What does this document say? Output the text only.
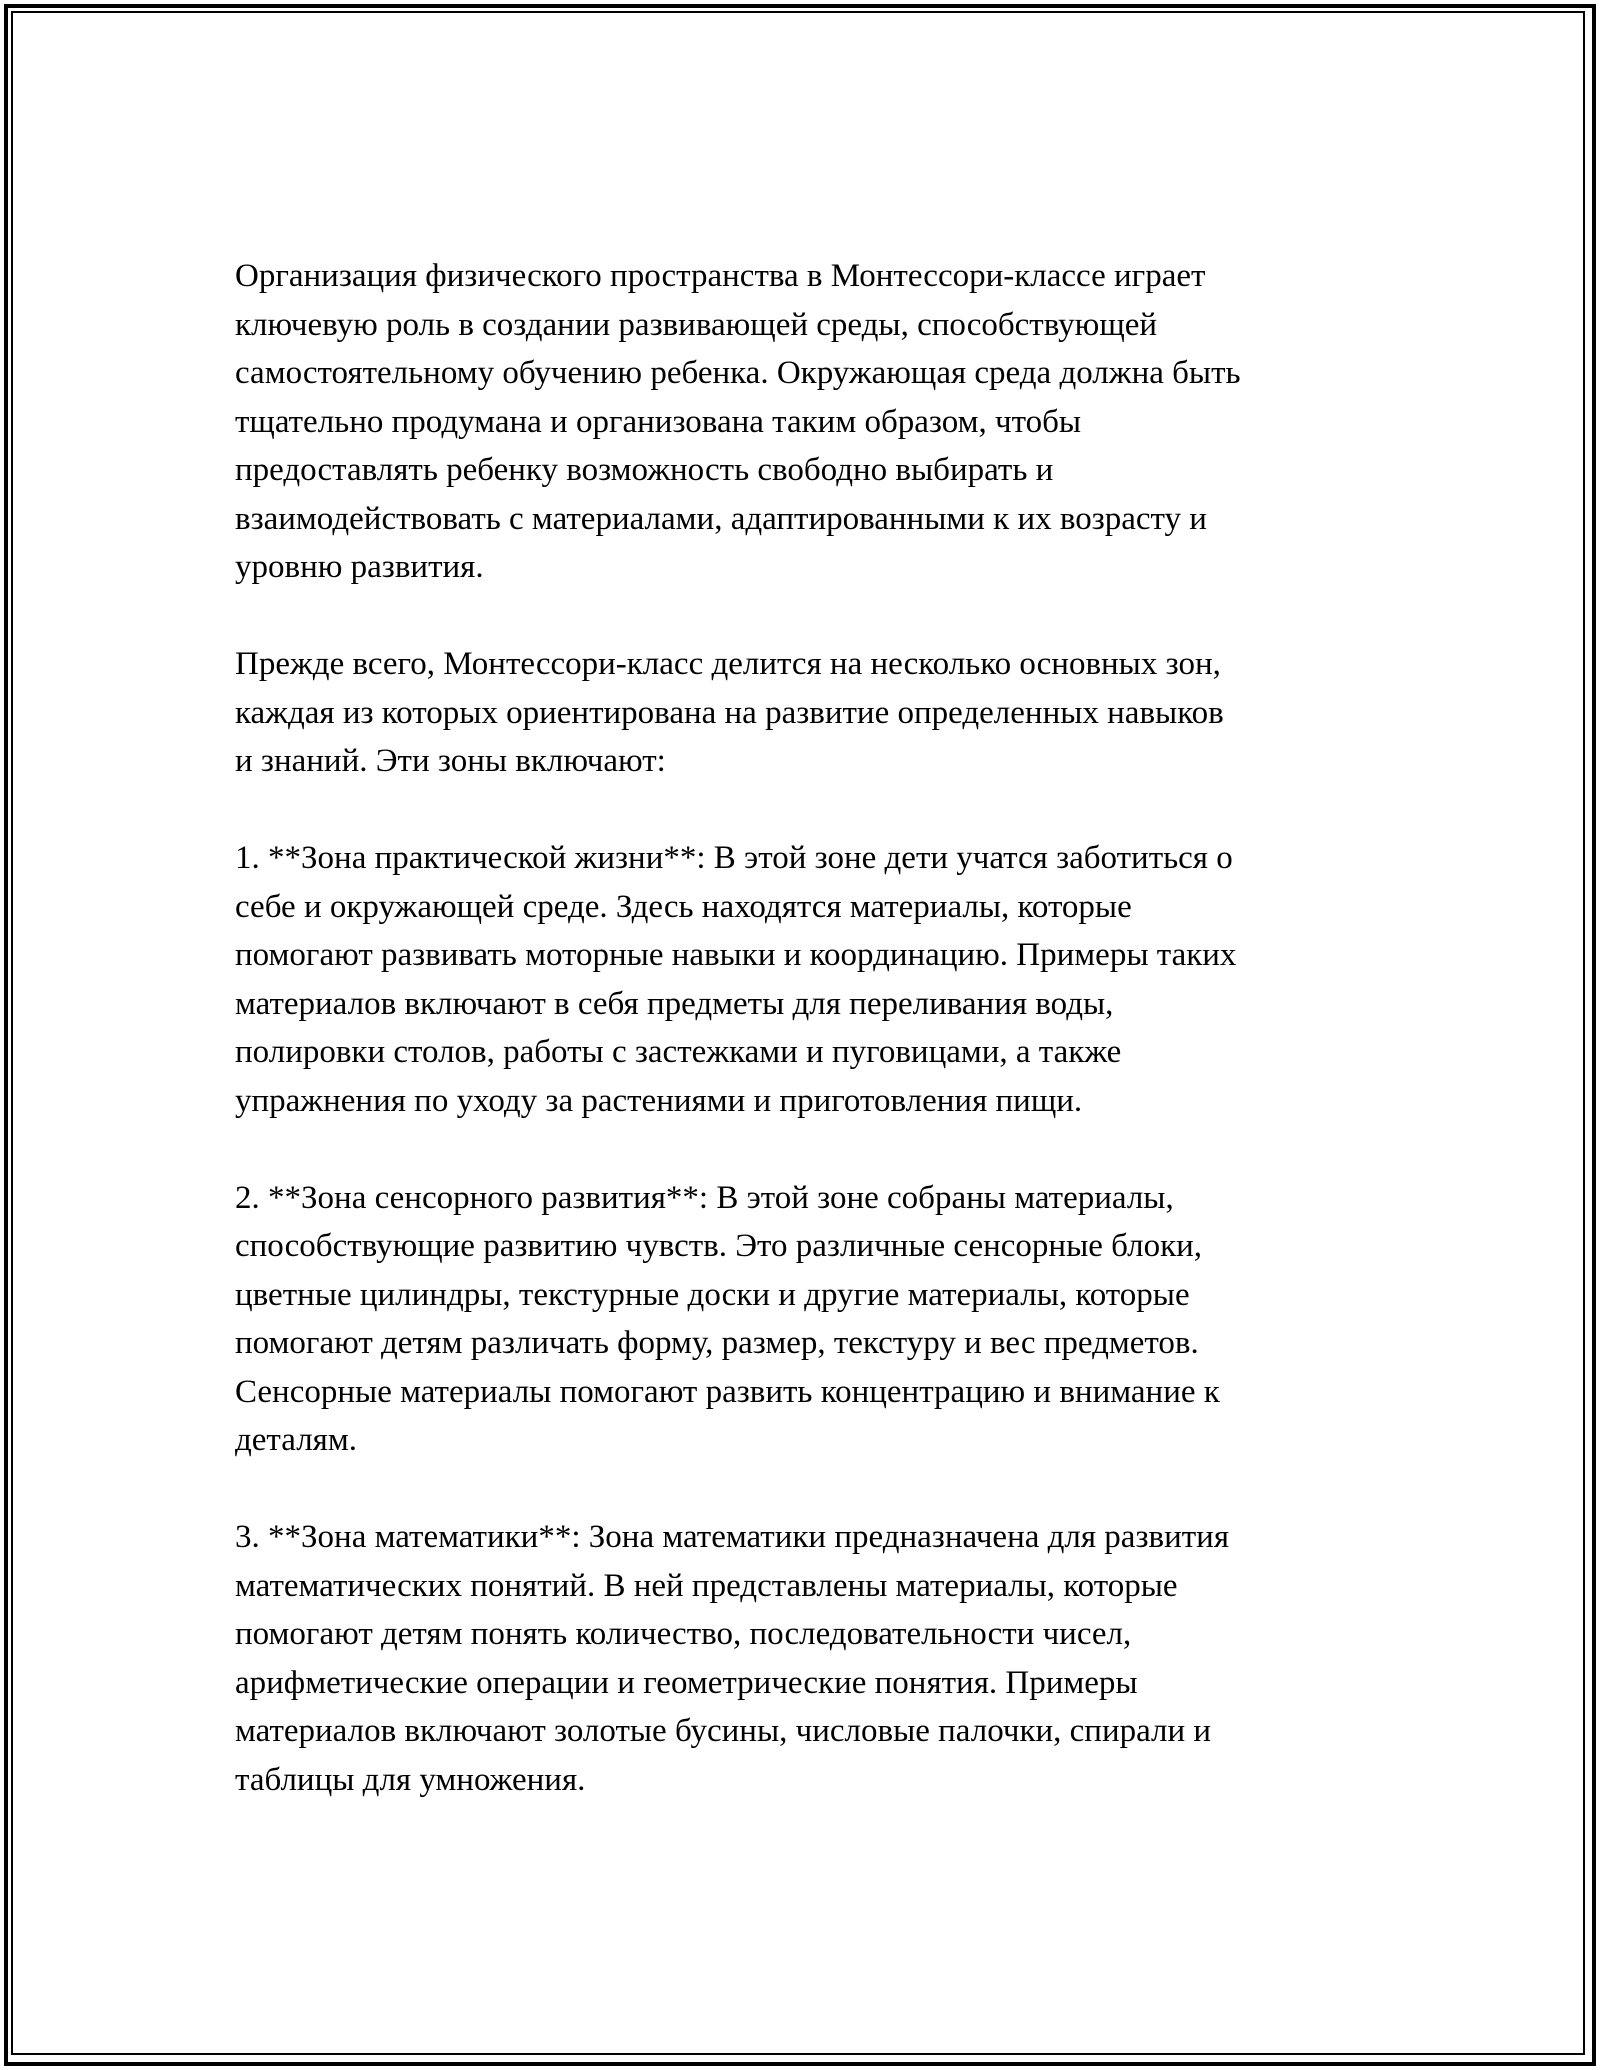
Организация физического пространства в Монтессори-классе играет
ключевую роль в создании развивающей среды, способствующей
самостоятельному обучению ребенка. Окружающая среда должна быть
тщательно продумана и организована таким образом, чтобы
предоставлять ребенку возможность свободно выбирать и
взаимодействовать с материалами, адаптированными к их возрасту и
уровню развития.

Прежде всего, Монтессори-класс делится на несколько основных зон,
каждая из которых ориентирована на развитие определенных навыков
и знаний. Эти зоны включают:

1. **Зона практической жизни**: В этой зоне дети учатся заботиться о
себе и окружающей среде. Здесь находятся материалы, которые
помогают развивать моторные навыки и координацию. Примеры таких
материалов включают в себя предметы для переливания воды,
полировки столов, работы с застежками и пуговицами, а также
упражнения по уходу за растениями и приготовления пищи.

2. **Зона сенсорного развития**: В этой зоне собраны материалы,
способствующие развитию чувств. Это различные сенсорные блоки,
цветные цилиндры, текстурные доски и другие материалы, которые
помогают детям различать форму, размер, текстуру и вес предметов.
Сенсорные материалы помогают развить концентрацию и внимание к
деталям.

3. **Зона математики**: Зона математики предназначена для развития
математических понятий. В ней представлены материалы, которые
помогают детям понять количество, последовательности чисел,
арифметические операции и геометрические понятия. Примеры
материалов включают золотые бусины, числовые палочки, спирали и
таблицы для умножения.
